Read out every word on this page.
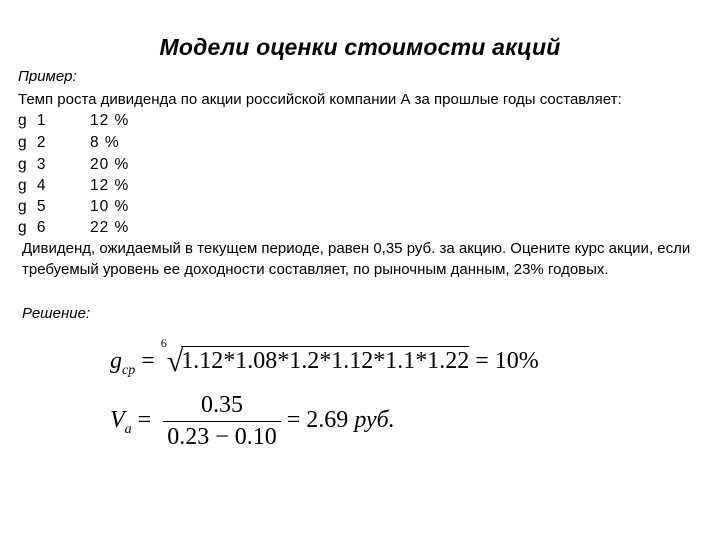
Модели оценки стоимости акций
Пример:
Темп роста дивиденда по акции российской компании А за прошлые годы составляет:
g 1	12 %
g 2	8 %
g 3	20 %
g 4	12 %
g 5	10 %
g 6	22 %
Дивиденд, ожидаемый в текущем периоде, равен 0,35 руб. за акцию. Оцените курс акции, если требуемый уровень ее доходности составляет, по рыночным данным, 23% годовых.
Решение:
$g_{ср}$ =
6
√1.12*1.08*1.2*1.12*1.1*1.22 = 10%
$V_a = \frac{0.35}{0.23 - 0.10} = 2.69$ руб.
